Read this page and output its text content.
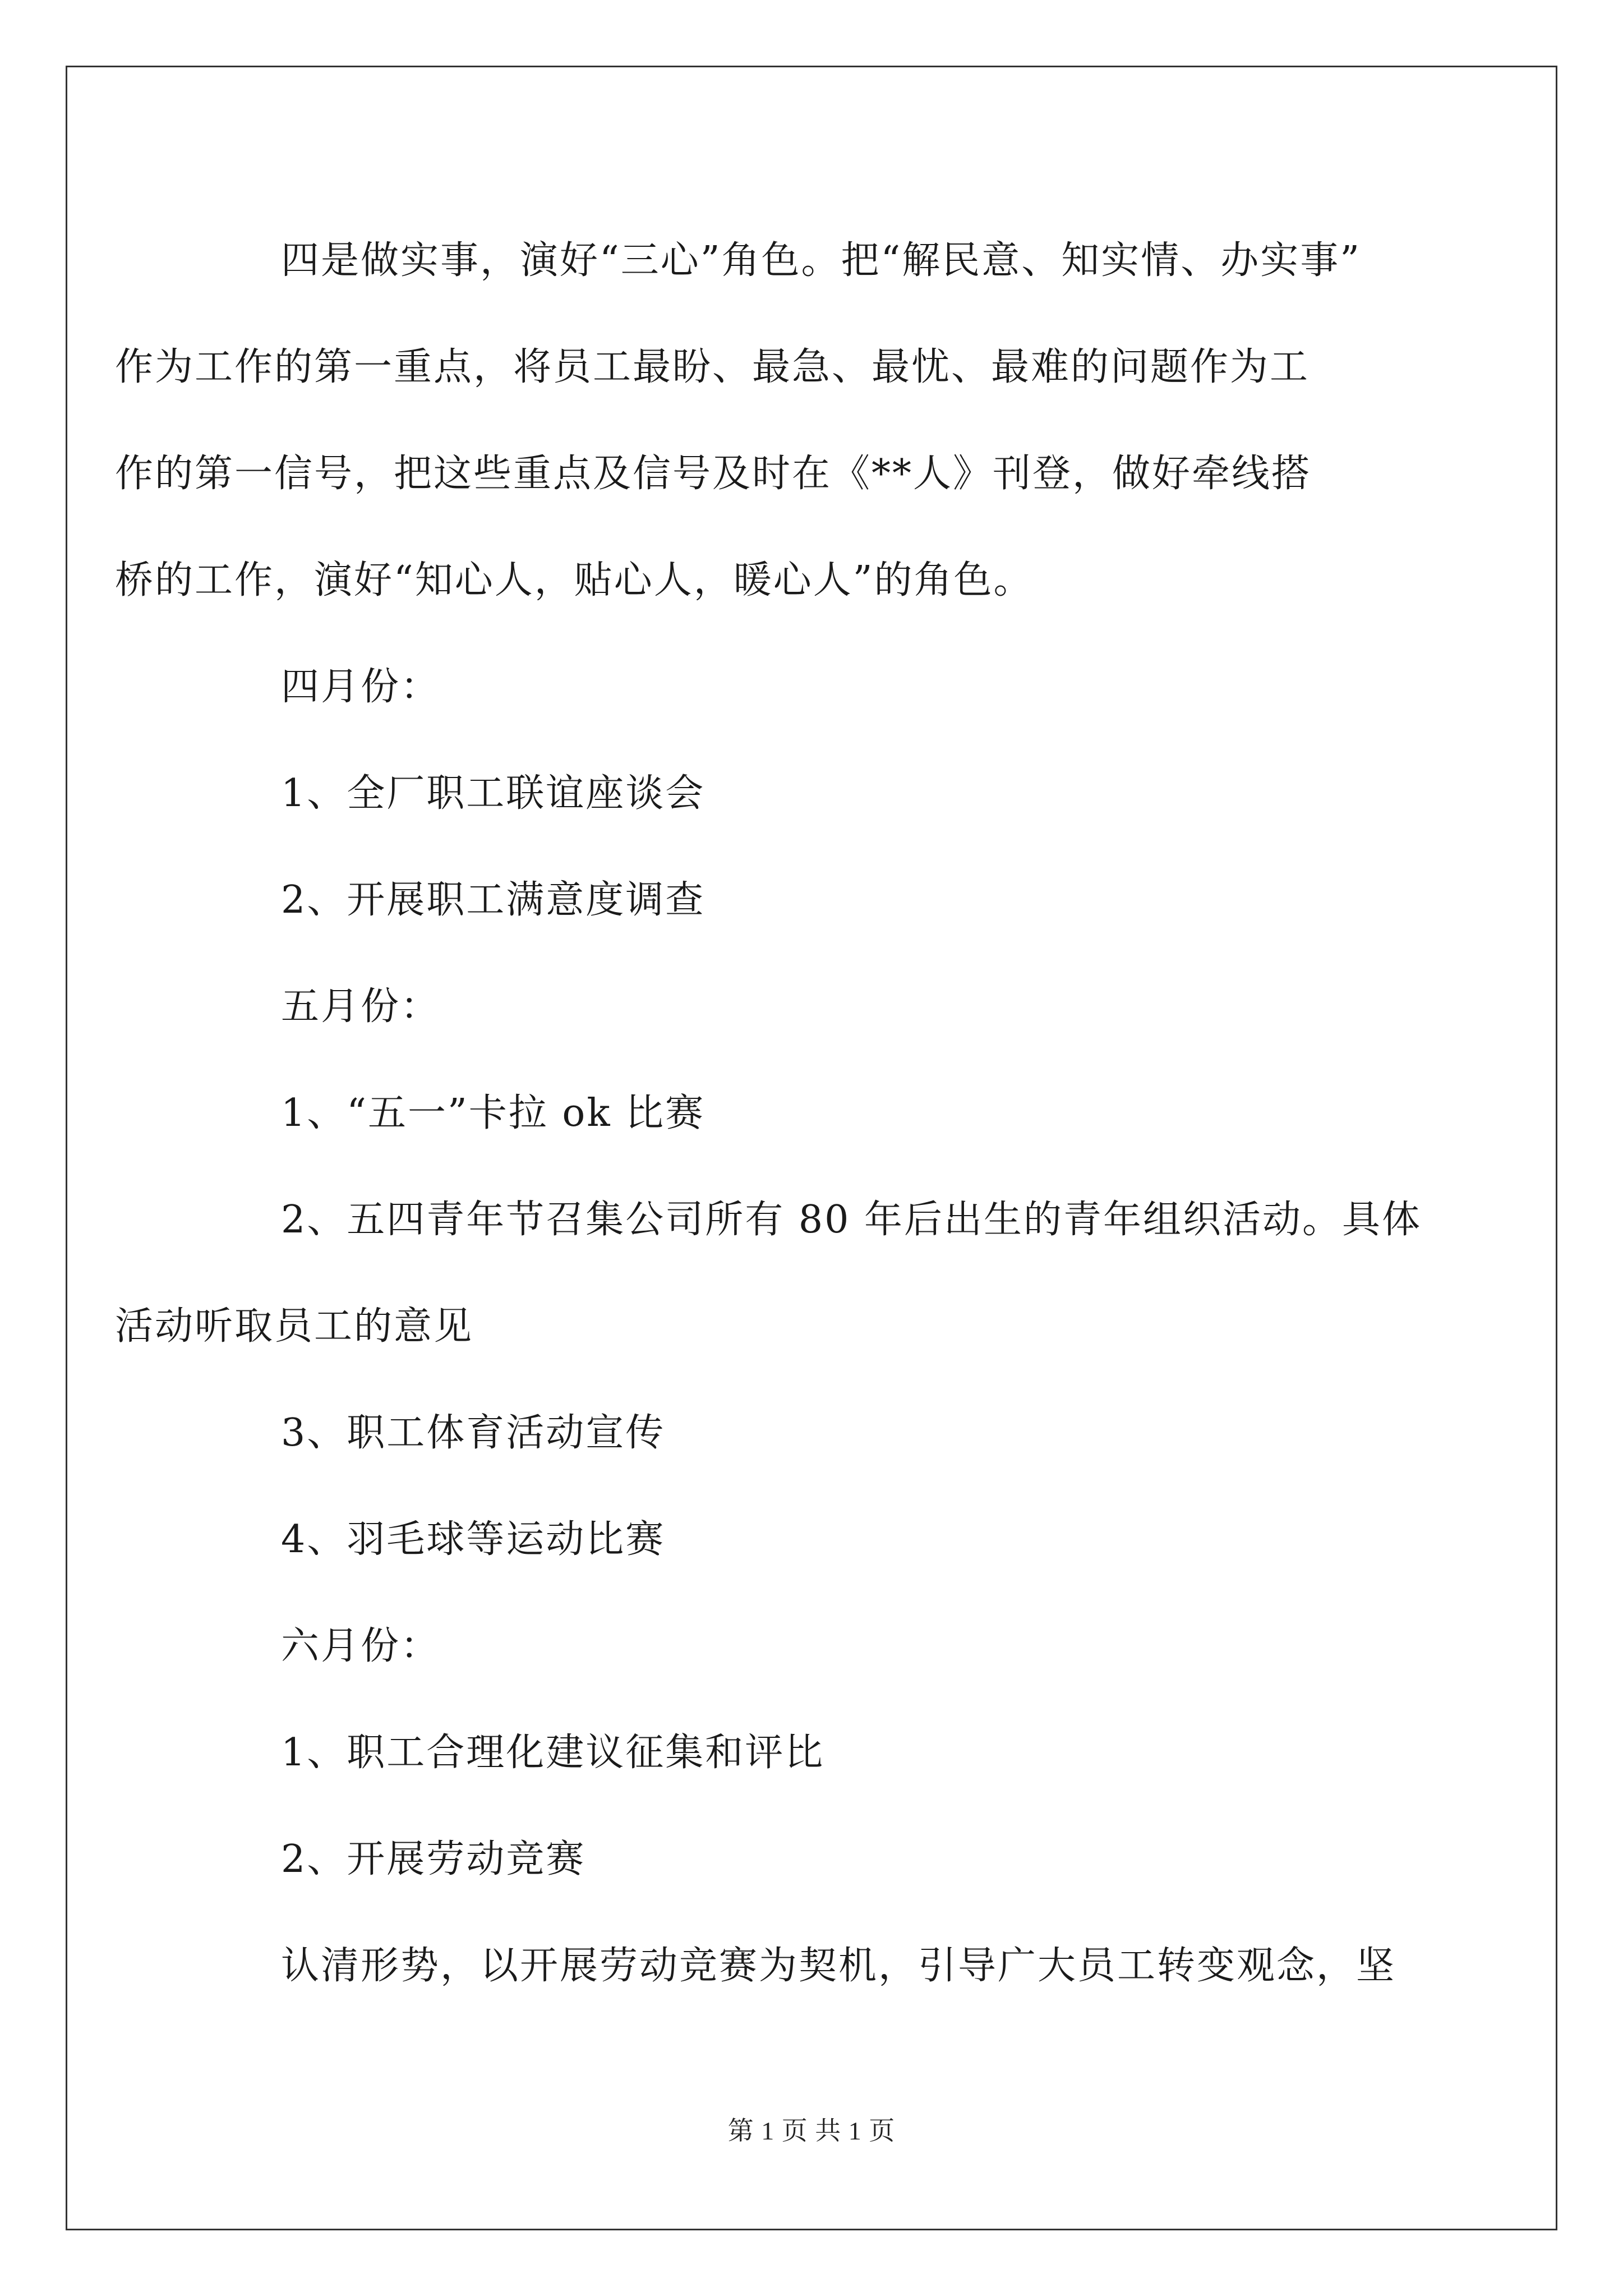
四是做实事，演好“三心”角色。把“解民意、知实情、办实事”
作为工作的第一重点，将员工最盼、最急、最忧、最难的问题作为工
作的第一信号，把这些重点及信号及时在《**人》刊登，做好牵线搭
桥的工作，演好“知心人，贴心人，暖心人”的角色。

四月份：

1、全厂职工联谊座谈会

2、开展职工满意度调查

五月份：

1、“五一”卡拉 ok 比赛

2、五四青年节召集公司所有 80 年后出生的青年组织活动。具体
活动听取员工的意见

3、职工体育活动宣传

4、羽毛球等运动比赛

六月份：

1、职工合理化建议征集和评比

2、开展劳动竞赛

认清形势，以开展劳动竞赛为契机，引导广大员工转变观念，坚

第 1 页 共 1 页
